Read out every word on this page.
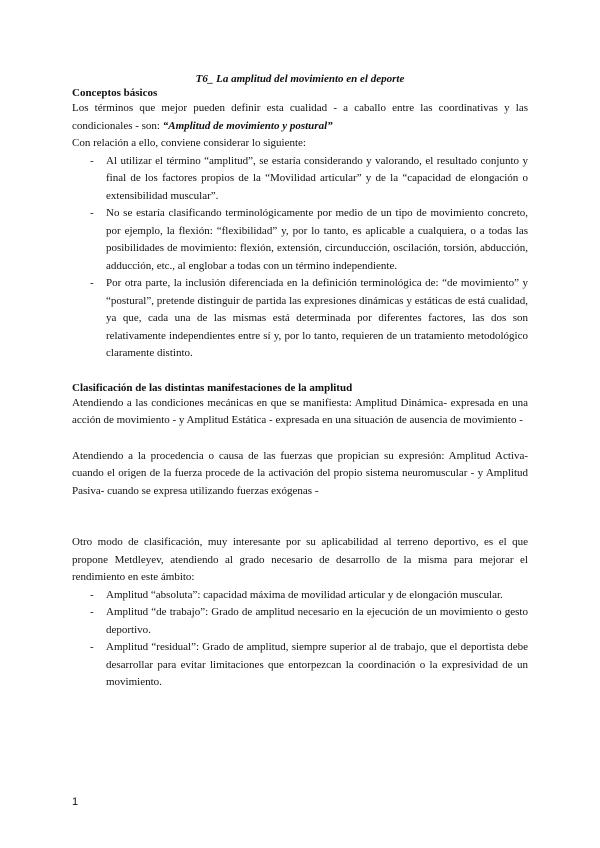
T6_ La amplitud del movimiento en el deporte

Conceptos básicos

Los términos que mejor pueden definir esta cualidad - a caballo entre las coordinativas y las condicionales - son: “Amplitud de movimiento y postural”

Con relación a ello, conviene considerar lo siguiente:

- Al utilizar el término “amplitud”, se estaría considerando y valorando, el resultado conjunto y final de los factores propios de la “Movilidad articular” y de la “capacidad de elongación o extensibilidad muscular”.
- No se estaría clasificando terminológicamente por medio de un tipo de movimiento concreto, por ejemplo, la flexión: “flexibilidad” y, por lo tanto, es aplicable a cualquiera, o a todas las posibilidades de movimiento: flexión, extensión, circunducción, oscilación, torsión, abducción, adducción, etc., al englobar a todas con un término independiente.
- Por otra parte, la inclusión diferenciada en la definición terminológica de: “de movimiento” y “postural”, pretende distinguir de partida las expresiones dinámicas y estáticas de está cualidad, ya que, cada una de las mismas está determinada por diferentes factores, las dos son relativamente independientes entre sí y, por lo tanto, requieren de un tratamiento metodológico claramente distinto.

Clasificación de las distintas manifestaciones de la amplitud

Atendiendo a las condiciones mecánicas en que se manifiesta: Amplitud Dinámica- expresada en una acción de movimiento - y Amplitud Estática - expresada en una situación de ausencia de movimiento -

Atendiendo a la procedencia o causa de las fuerzas que propician su expresión: Amplitud Activa- cuando el origen de la fuerza procede de la activación del propio sistema neuromuscular - y Amplitud Pasiva- cuando se expresa utilizando fuerzas exógenas -

Otro modo de clasificación, muy interesante por su aplicabilidad al terreno deportivo, es el que propone Metdleyev, atendiendo al grado necesario de desarrollo de la misma para mejorar el rendimiento en este ámbito:

- Amplitud “absoluta”: capacidad máxima de movilidad articular y de elongación muscular.
- Amplitud “de trabajo”: Grado de amplitud necesario en la ejecución de un movimiento o gesto deportivo.
- Amplitud “residual”: Grado de amplitud, siempre superior al de trabajo, que el deportista debe desarrollar para evitar limitaciones que entorpezcan la coordinación o la expresividad de un movimiento.
1
